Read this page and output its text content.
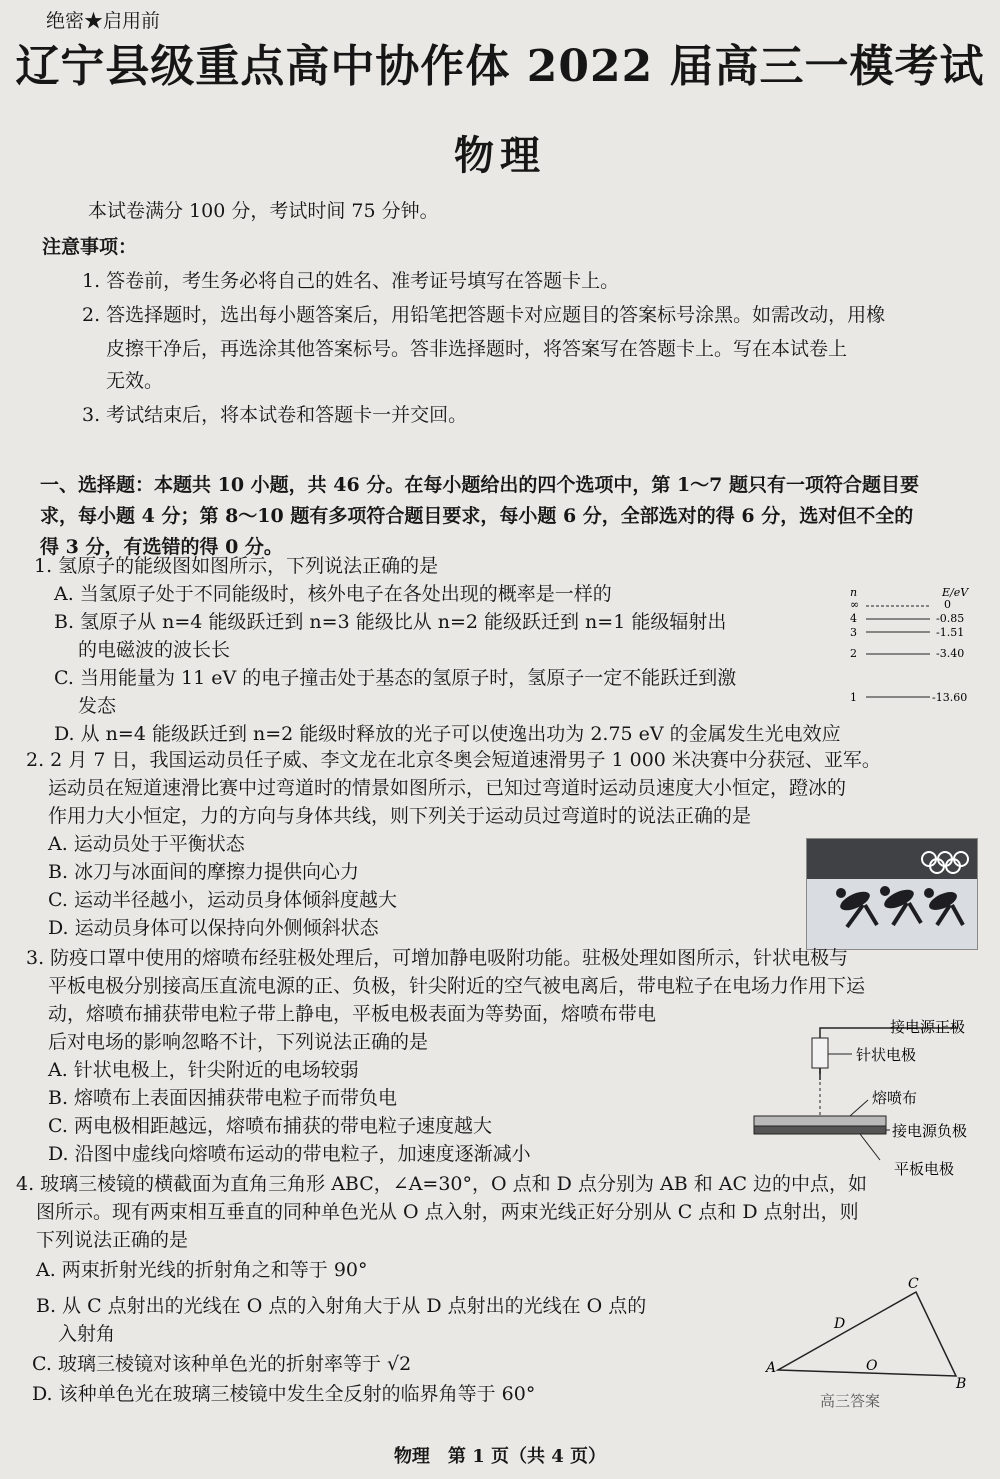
绝密★启用前
辽宁县级重点高中协作体 2022 届高三一模考试
物理
本试卷满分 100 分，考试时间 75 分钟。
注意事项：
1. 答卷前，考生务必将自己的姓名、准考证号填写在答题卡上。
2. 答选择题时，选出每小题答案后，用铅笔把答题卡对应题目的答案标号涂黑。如需改动，用橡
皮擦干净后，再选涂其他答案标号。答非选择题时，将答案写在答题卡上。写在本试卷上
无效。
3. 考试结束后，将本试卷和答题卡一并交回。
一、选择题：本题共 10 小题，共 46 分。在每小题给出的四个选项中，第 1～7 题只有一项符合题目要
求，每小题 4 分；第 8～10 题有多项符合题目要求，每小题 6 分，全部选对的得 6 分，选对但不全的
得 3 分，有选错的得 0 分。
1. 氢原子的能级图如图所示，下列说法正确的是
A. 当氢原子处于不同能级时，核外电子在各处出现的概率是一样的
B. 氢原子从 n=4 能级跃迁到 n=3 能级比从 n=2 能级跃迁到 n=1 能级辐射出
的电磁波的波长长
C. 当用能量为 11 eV 的电子撞击处于基态的氢原子时，氢原子一定不能跃迁到激
发态
D. 从 n=4 能级跃迁到 n=2 能级时释放的光子可以使逸出功为 2.75 eV 的金属发生光电效应
n	E/eV
∞	0
4	-0.85
3	-1.51
2	-3.40
1	-13.60
2. 2 月 7 日，我国运动员任子威、李文龙在北京冬奥会短道速滑男子 1 000 米决赛中分获冠、亚军。
运动员在短道速滑比赛中过弯道时的情景如图所示，已知过弯道时运动员速度大小恒定，蹬冰的
作用力大小恒定，力的方向与身体共线，则下列关于运动员过弯道时的说法正确的是
A. 运动员处于平衡状态
B. 冰刀与冰面间的摩擦力提供向心力
C. 运动半径越小，运动员身体倾斜度越大
D. 运动员身体可以保持向外侧倾斜状态
3. 防疫口罩中使用的熔喷布经驻极处理后，可增加静电吸附功能。驻极处理如图所示，针状电极与
平板电极分别接高压直流电源的正、负极，针尖附近的空气被电离后，带电粒子在电场力作用下运
动，熔喷布捕获带电粒子带上静电，平板电极表面为等势面，熔喷布带电
后对电场的影响忽略不计，下列说法正确的是
A. 针状电极上，针尖附近的电场较弱
B. 熔喷布上表面因捕获带电粒子而带负电
C. 两电极相距越远，熔喷布捕获的带电粒子速度越大
D. 沿图中虚线向熔喷布运动的带电粒子，加速度逐渐减小
接电源正极
针状电极
熔喷布
接电源负极
平板电极
4. 玻璃三棱镜的横截面为直角三角形 ABC，∠A=30°，O 点和 D 点分别为 AB 和 AC 边的中点，如
图所示。现有两束相互垂直的同种单色光从 O 点入射，两束光线正好分别从 C 点和 D 点射出，则
下列说法正确的是
A. 两束折射光线的折射角之和等于 90°
B. 从 C 点射出的光线在 O 点的入射角大于从 D 点射出的光线在 O 点的
入射角
C. 玻璃三棱镜对该种单色光的折射率等于 √2
D. 该种单色光在玻璃三棱镜中发生全反射的临界角等于 60°
A
B
C
D
O
物理　第 1 页（共 4 页）
高三答案
